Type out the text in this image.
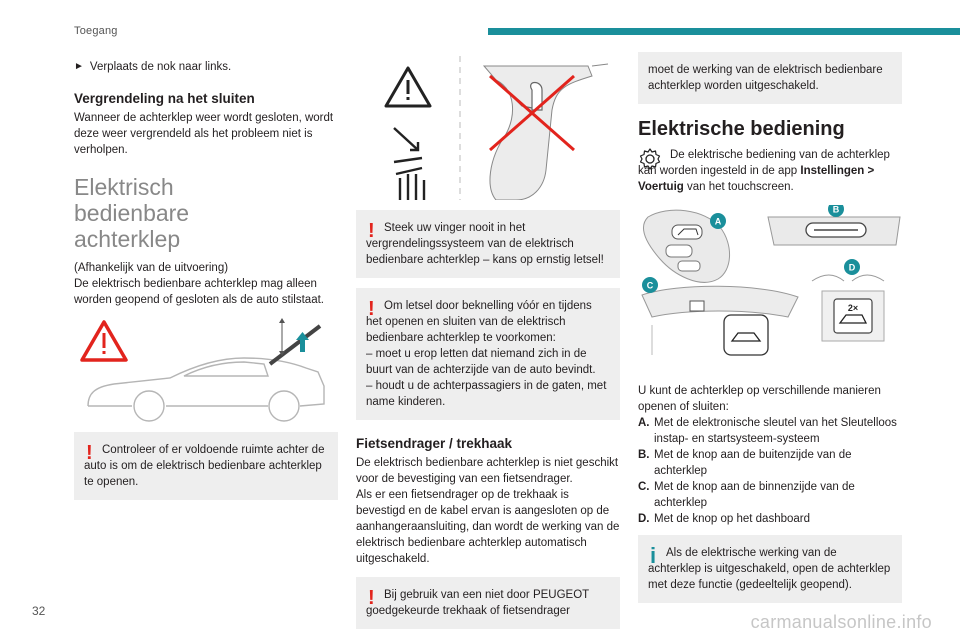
Toegang
► Verplaats de nok naar links.

Vergrendeling na het sluiten

Wanneer de achterklep weer wordt gesloten, wordt deze weer vergrendeld als het probleem niet is verholpen.

Elektrisch bedienbare achterklep

(Afhankelijk van de uitvoering)

De elektrisch bedienbare achterklep mag alleen worden geopend of gesloten als de auto stilstaat.

! Controleer of er voldoende ruimte achter de auto is om de elektrisch bedienbare achterklep te openen.

! Steek uw vinger nooit in het vergrendelingssysteem van de elektrisch bedienbare achterklep – kans op ernstig letsel!

! Om letsel door beknelling vóór en tijdens het openen en sluiten van de elektrisch bedienbare achterklep te voorkomen:

– moet u erop letten dat niemand zich in de buurt van de achterzijde van de auto bevindt.

– houdt u de achterpassagiers in de gaten, met name kinderen.

Fietsendrager / trekhaak

De elektrisch bedienbare achterklep is niet geschikt voor de bevestiging van een fietsendrager.

Als er een fietsendrager op de trekhaak is bevestigd en de kabel ervan is aangesloten op de aanhangeraansluiting, dan wordt de werking van de elektrisch bedienbare achterklep automatisch uitgeschakeld.

! Bij gebruik van een niet door PEUGEOT goedgekeurde trekhaak of fietsendrager

moet de werking van de elektrisch bedienbare achterklep worden uitgeschakeld.

Elektrische bediening

De elektrische bediening van de achterklep kan worden ingesteld in de app Instellingen > Voertuig van het touchscreen.

A
B
2×
D
C

U kunt de achterklep op verschillende manieren openen of sluiten:

A. Met de elektronische sleutel van het Sleutelloos instap- en startsysteem-systeem
B. Met de knop aan de buitenzijde van de achterklep
C. Met de knop aan de binnenzijde van de achterklep
D. Met de knop op het dashboard
i Als de elektrische werking van de achterklep is uitgeschakeld, open de achterklep met deze functie (gedeeltelijk geopend).

32
carmanualsonline.info
